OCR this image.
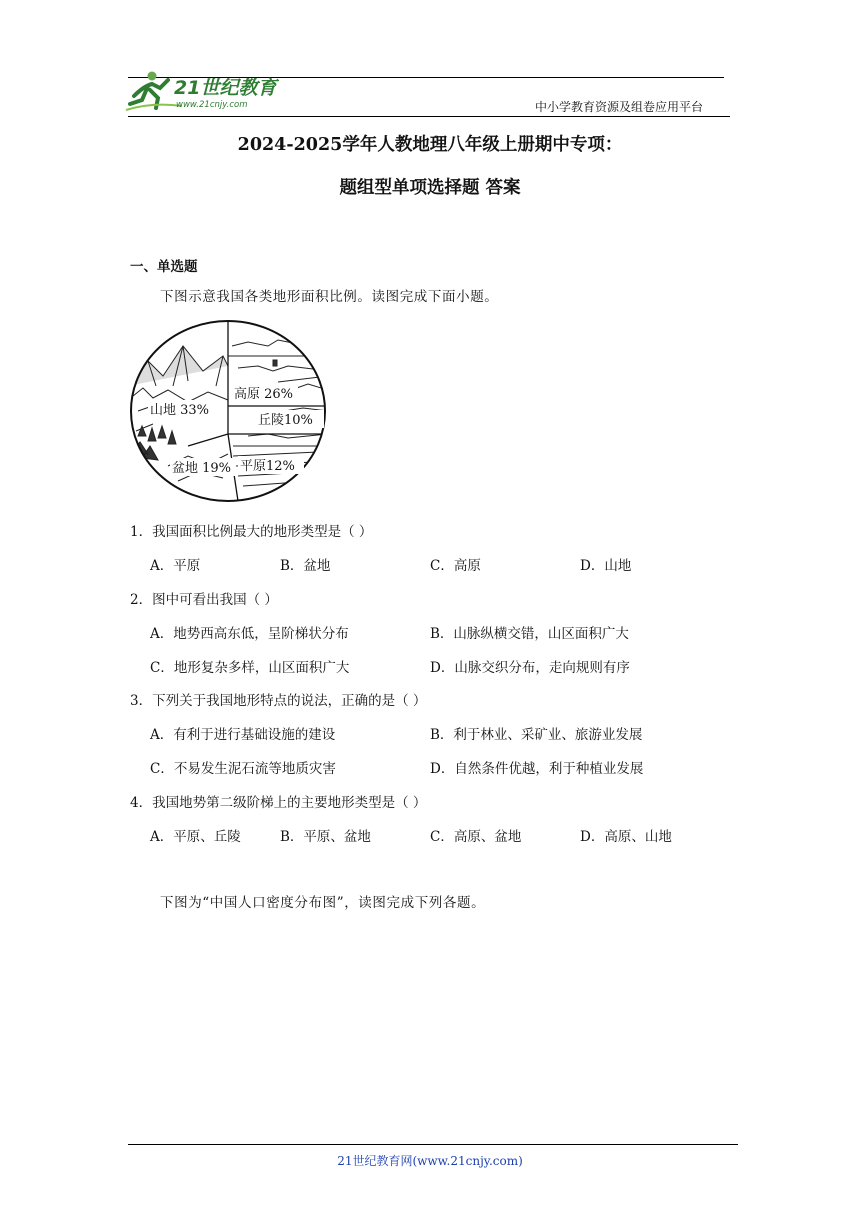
21世纪教育
www.21cnjy.com	中小学教育资源及组卷应用平台
2024-2025学年人教地理八年级上册期中专项：
题组型单项选择题 答案
一、单选题
下图示意我国各类地形面积比例。读图完成下面小题。
高原 26%
山地 33%
丘陵10%
盆地 19% 平原12%
1．我国面积比例最大的地形类型是（ ）
A．平原	B．盆地	C．高原	D．山地
2．图中可看出我国（ ）
A．地势西高东低，呈阶梯状分布	B．山脉纵横交错，山区面积广大
C．地形复杂多样，山区面积广大	D．山脉交织分布，走向规则有序
3．下列关于我国地形特点的说法，正确的是（ ）
A．有利于进行基础设施的建设	B．利于林业、采矿业、旅游业发展
C．不易发生泥石流等地质灾害	D．自然条件优越，利于种植业发展
4．我国地势第二级阶梯上的主要地形类型是（ ）
A．平原、丘陵	B．平原、盆地	C．高原、盆地	D．高原、山地
下图为“中国人口密度分布图”，读图完成下列各题。
21世纪教育网(www.21cnjy.com)
